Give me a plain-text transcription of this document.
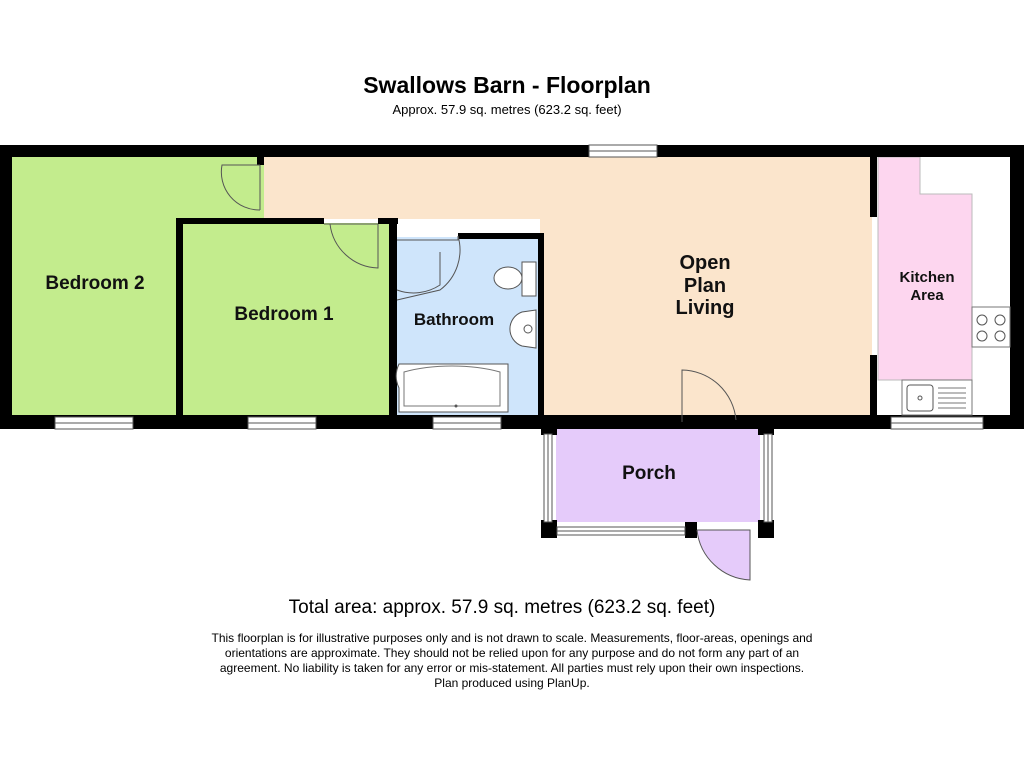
Swallows Barn - Floorplan
Approx. 57.9 sq. metres (623.2 sq. feet)
Bedroom 2
Bedroom 1	Bathroom
Open
Plan
Living
Kitchen
Area
Porch
Total area: approx. 57.9 sq. metres (623.2 sq. feet)
This floorplan is for illustrative purposes only and is not drawn to scale. Measurements, floor-areas, openings and
orientations are approximate. They should not be relied upon for any purpose and do not form any part of an
agreement. No liability is taken for any error or mis-statement. All parties must rely upon their own inspections.
Plan produced using PlanUp.
